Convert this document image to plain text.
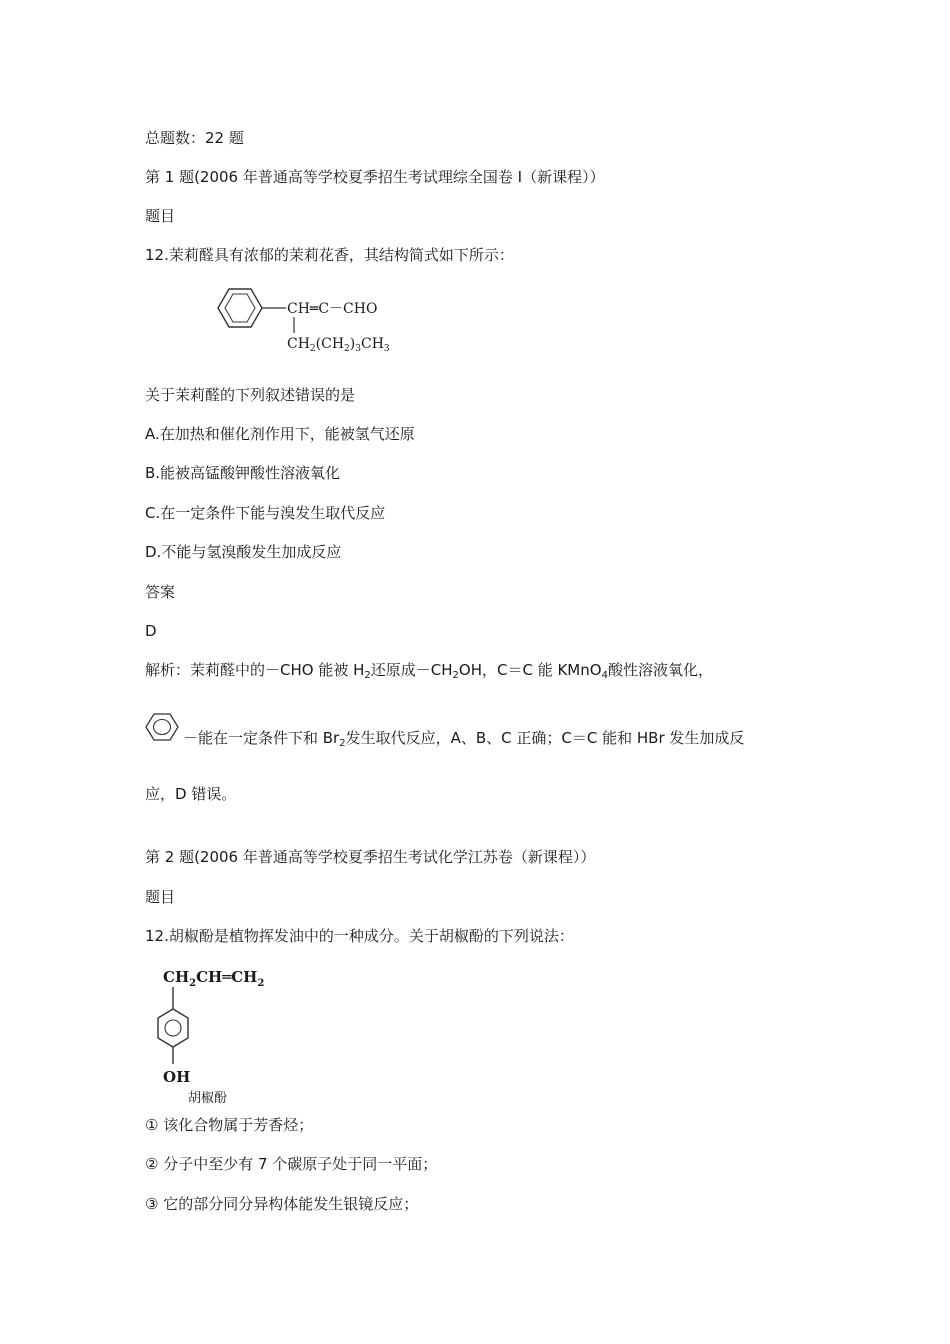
总题数：22 题
第 1 题(2006 年普通高等学校夏季招生考试理综全国卷 I（新课程））
题目
12.茉莉醛具有浓郁的茉莉花香，其结构简式如下所示：
CH═C－CHO
$CH_2(CH_2)_3CH_3$
关于茉莉醛的下列叙述错误的是
A.在加热和催化剂作用下，能被氢气还原
B.能被高锰酸钾酸性溶液氧化
C.在一定条件下能与溴发生取代反应
D.不能与氢溴酸发生加成反应
答案
D
解析：茉莉醛中的－CHO 能被 $H_2$还原成$-CH_2OH$，C＝C 能 KMnO$_4$酸性溶液氧化，
－能在一定条件下和 $Br_2$发生取代反应，A、B、C 正确；C＝C 能和 HBr 发生加成反
应，D 错误。
第 2 题(2006 年普通高等学校夏季招生考试化学江苏卷（新课程））
题目
12.胡椒酚是植物挥发油中的一种成分。关于胡椒酚的下列说法：
$CH_2CH═CH_2$
OH
胡椒酚
① 该化合物属于芳香烃；
② 分子中至少有 7 个碳原子处于同一平面；
③ 它的部分同分异构体能发生银镜反应；
